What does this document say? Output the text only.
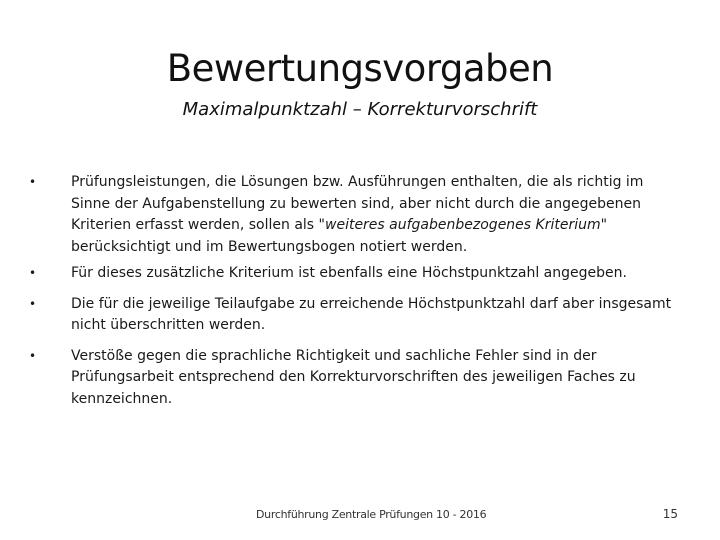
Bewertungsvorgaben
Maximalpunktzahl – Korrekturvorschrift
• Prüfungsleistungen, die Lösungen bzw. Ausführungen enthalten, die als richtig im Sinne der Aufgabenstellung zu bewerten sind, aber nicht durch die angegebenen Kriterien erfasst werden, sollen als "weiteres aufgabenbezogenes Kriterium" berücksichtigt und im Bewertungsbogen notiert werden.
• Für dieses zusätzliche Kriterium ist ebenfalls eine Höchstpunktzahl angegeben.
• Die für die jeweilige Teilaufgabe zu erreichende Höchstpunktzahl darf aber insgesamt nicht überschritten werden.
• Verstöße gegen die sprachliche Richtigkeit und sachliche Fehler sind in der Prüfungsarbeit entsprechend den Korrekturvorschriften des jeweiligen Faches zu kennzeichnen.
Durchführung Zentrale Prüfungen 10 - 2016	15
